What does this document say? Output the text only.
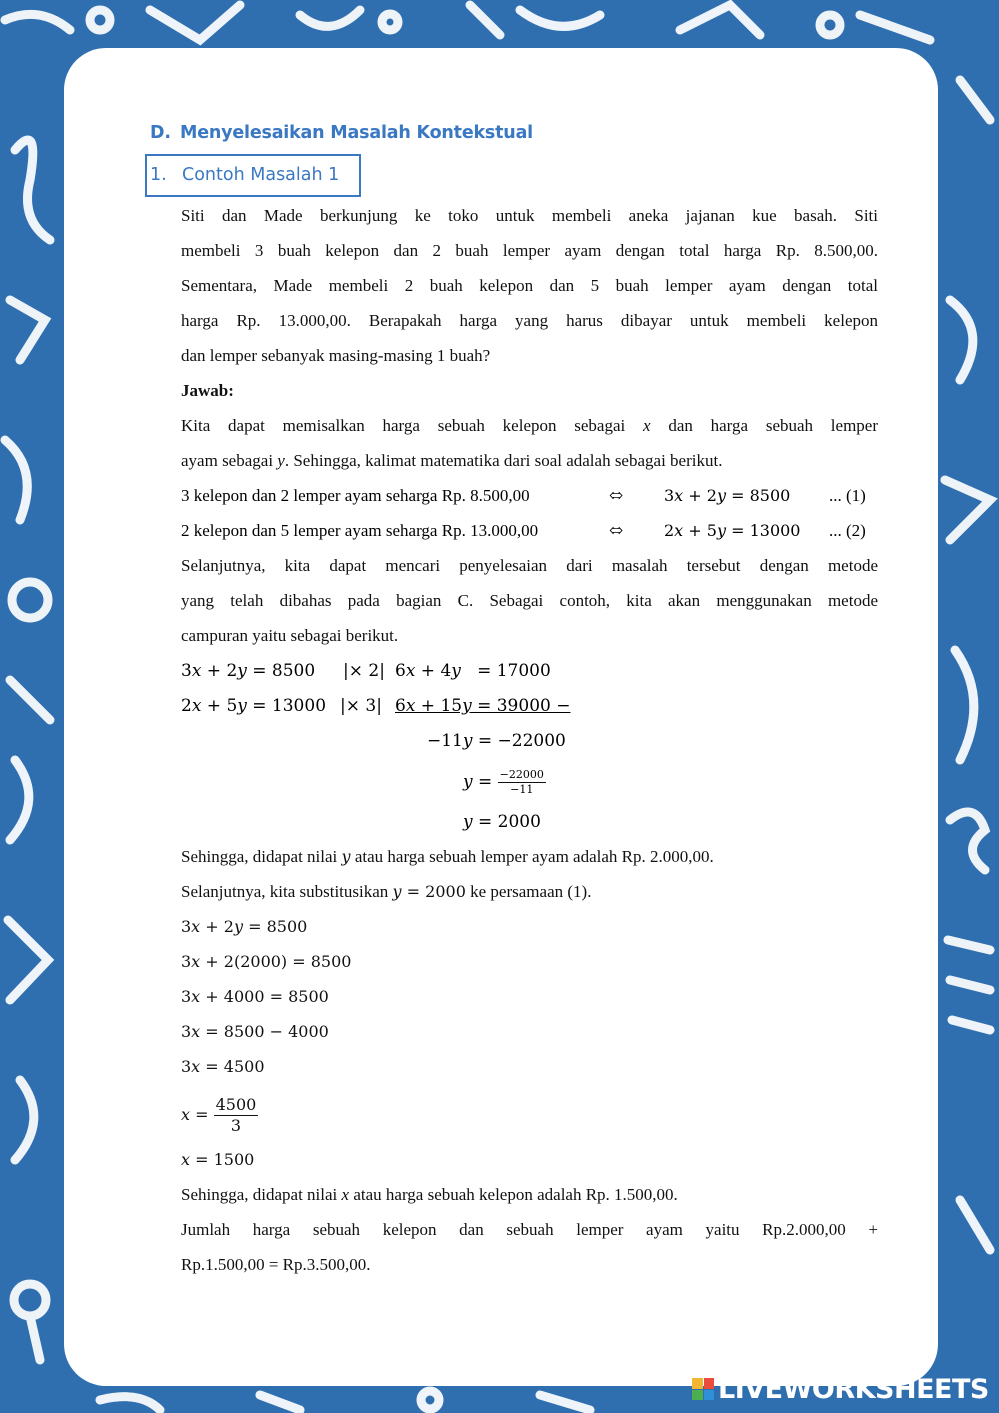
D. Menyelesaikan Masalah Kontekstual
1. Contoh Masalah 1
Siti dan Made berkunjung ke toko untuk membeli aneka jajanan kue basah. Siti
membeli 3 buah kelepon dan 2 buah lemper ayam dengan total harga Rp. 8.500,00.
Sementara, Made membeli 2 buah kelepon dan 5 buah lemper ayam dengan total
harga Rp. 13.000,00. Berapakah harga yang harus dibayar untuk membeli kelepon
dan lemper sebanyak masing-masing 1 buah?
Jawab:
Kita dapat memisalkan harga sebuah kelepon sebagai x dan harga sebuah lemper
ayam sebagai y. Sehingga, kalimat matematika dari soal adalah sebagai berikut.
3 kelepon dan 2 lemper ayam seharga Rp. 8.500,00	⬄	3𝑥 + 2𝑦 = 8500 ... (1)
2 kelepon dan 5 lemper ayam seharga Rp. 13.000,00	⬄	2𝑥 + 5𝑦 = 13000 ... (2)
Selanjutnya, kita dapat mencari penyelesaian dari masalah tersebut dengan metode
yang telah dibahas pada bagian C. Sebagai contoh, kita akan menggunakan metode
campuran yaitu sebagai berikut.
3𝑥 + 2𝑦 = 8500 |× 2| 6𝑥 + 4𝑦   = 17000
2𝑥 + 5𝑦 = 13000 |× 3| 6𝑥 + 15𝑦 = 39000 −
−11𝑦 = −22000
𝑦 = $\frac{-22000}{-11}$
𝑦 = 2000
Sehingga, didapat nilai 𝑦 atau harga sebuah lemper ayam adalah Rp. 2.000,00.
Selanjutnya, kita substitusikan 𝑦 = 2000 ke persamaan (1).
3𝑥 + 2𝑦 = 8500
3𝑥 + 2(2000) = 8500
3𝑥 + 4000 = 8500
3𝑥 = 8500 − 4000
3𝑥 = 4500
𝑥 = $\frac{4500}{3}$
𝑥 = 1500
Sehingga, didapat nilai x atau harga sebuah kelepon adalah Rp. 1.500,00.
Jumlah harga sebuah kelepon dan sebuah lemper ayam yaitu Rp.2.000,00 +
Rp.1.500,00 = Rp.3.500,00.
LIVEWORKSHEETS
